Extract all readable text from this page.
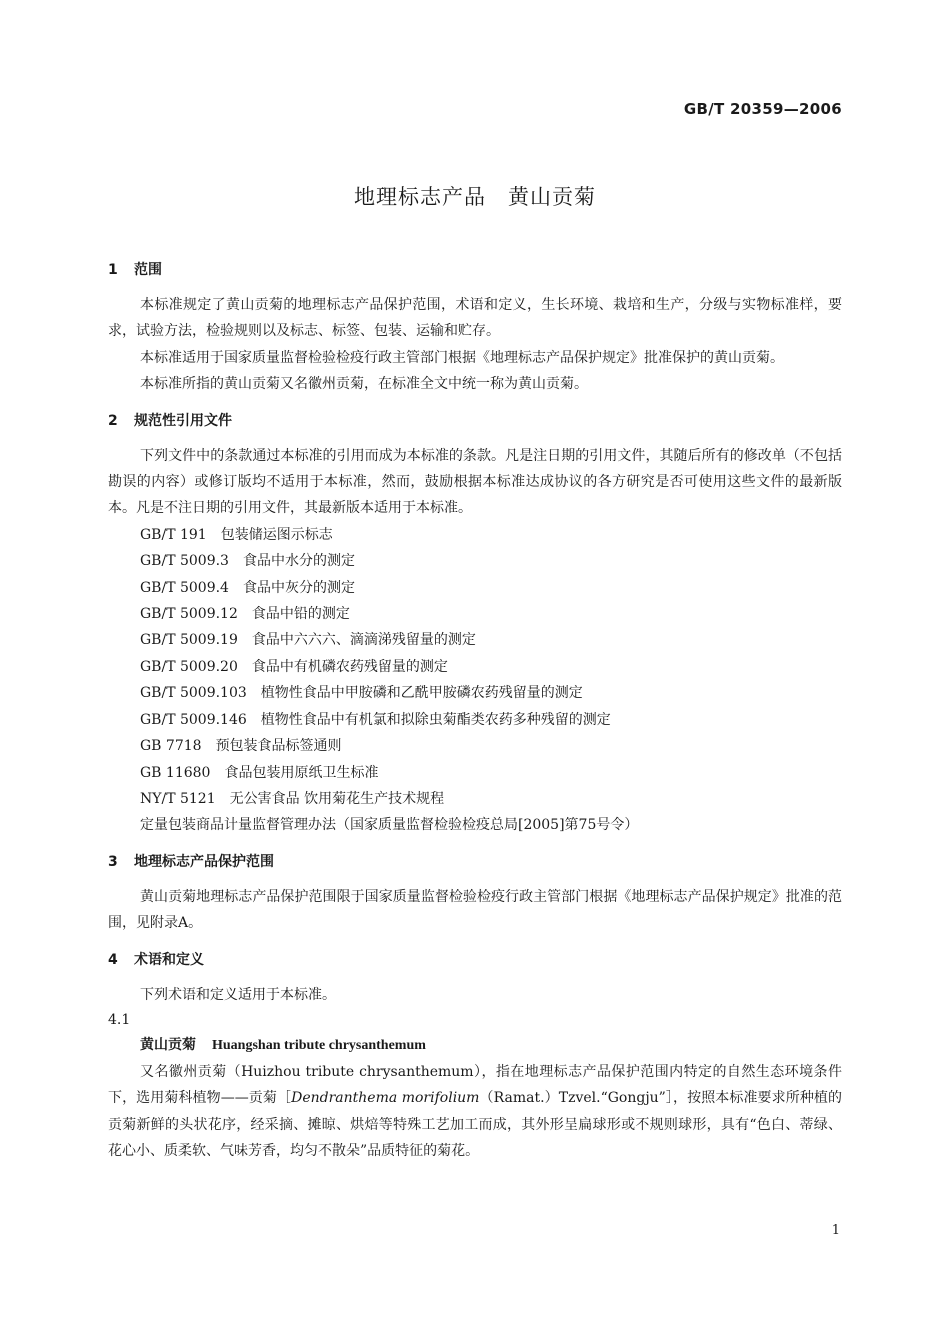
GB/T 20359—2006
地理标志产品　黄山贡菊
1 范围

本标准规定了黄山贡菊的地理标志产品保护范围，术语和定义，生长环境、栽培和生产，分级与实物标准样，要求，试验方法，检验规则以及标志、标签、包装、运输和贮存。

本标准适用于国家质量监督检验检疫行政主管部门根据《地理标志产品保护规定》批准保护的黄山贡菊。

本标准所指的黄山贡菊又名徽州贡菊，在标准全文中统一称为黄山贡菊。

2 规范性引用文件

下列文件中的条款通过本标准的引用而成为本标准的条款。凡是注日期的引用文件，其随后所有的修改单（不包括勘误的内容）或修订版均不适用于本标准，然而，鼓励根据本标准达成协议的各方研究是否可使用这些文件的最新版本。凡是不注日期的引用文件，其最新版本适用于本标准。

GB/T 191 包装储运图示标志
GB/T 5009.3 食品中水分的测定
GB/T 5009.4 食品中灰分的测定
GB/T 5009.12 食品中铅的测定
GB/T 5009.19 食品中六六六、滴滴涕残留量的测定
GB/T 5009.20 食品中有机磷农药残留量的测定
GB/T 5009.103 植物性食品中甲胺磷和乙酰甲胺磷农药残留量的测定
GB/T 5009.146 植物性食品中有机氯和拟除虫菊酯类农药多种残留的测定
GB 7718 预包装食品标签通则
GB 11680 食品包装用原纸卫生标准
NY/T 5121 无公害食品 饮用菊花生产技术规程
定量包装商品计量监督管理办法（国家质量监督检验检疫总局[2005]第75号令）
3 地理标志产品保护范围

黄山贡菊地理标志产品保护范围限于国家质量监督检验检疫行政主管部门根据《地理标志产品保护规定》批准的范围，见附录A。

4 术语和定义

下列术语和定义适用于本标准。

4.1

黄山贡菊 Huangshan tribute chrysanthemum

又名徽州贡菊（Huizhou tribute chrysanthemum），指在地理标志产品保护范围内特定的自然生态环境条件下，选用菊科植物——贡菊［Dendranthema morifolium（Ramat.）Tzvel.“Gongju”］，按照本标准要求所种植的贡菊新鲜的头状花序，经采摘、摊晾、烘焙等特殊工艺加工而成，其外形呈扁球形或不规则球形，具有“色白、蒂绿、花心小、质柔软、气味芳香，均匀不散朵”品质特征的菊花。

1
